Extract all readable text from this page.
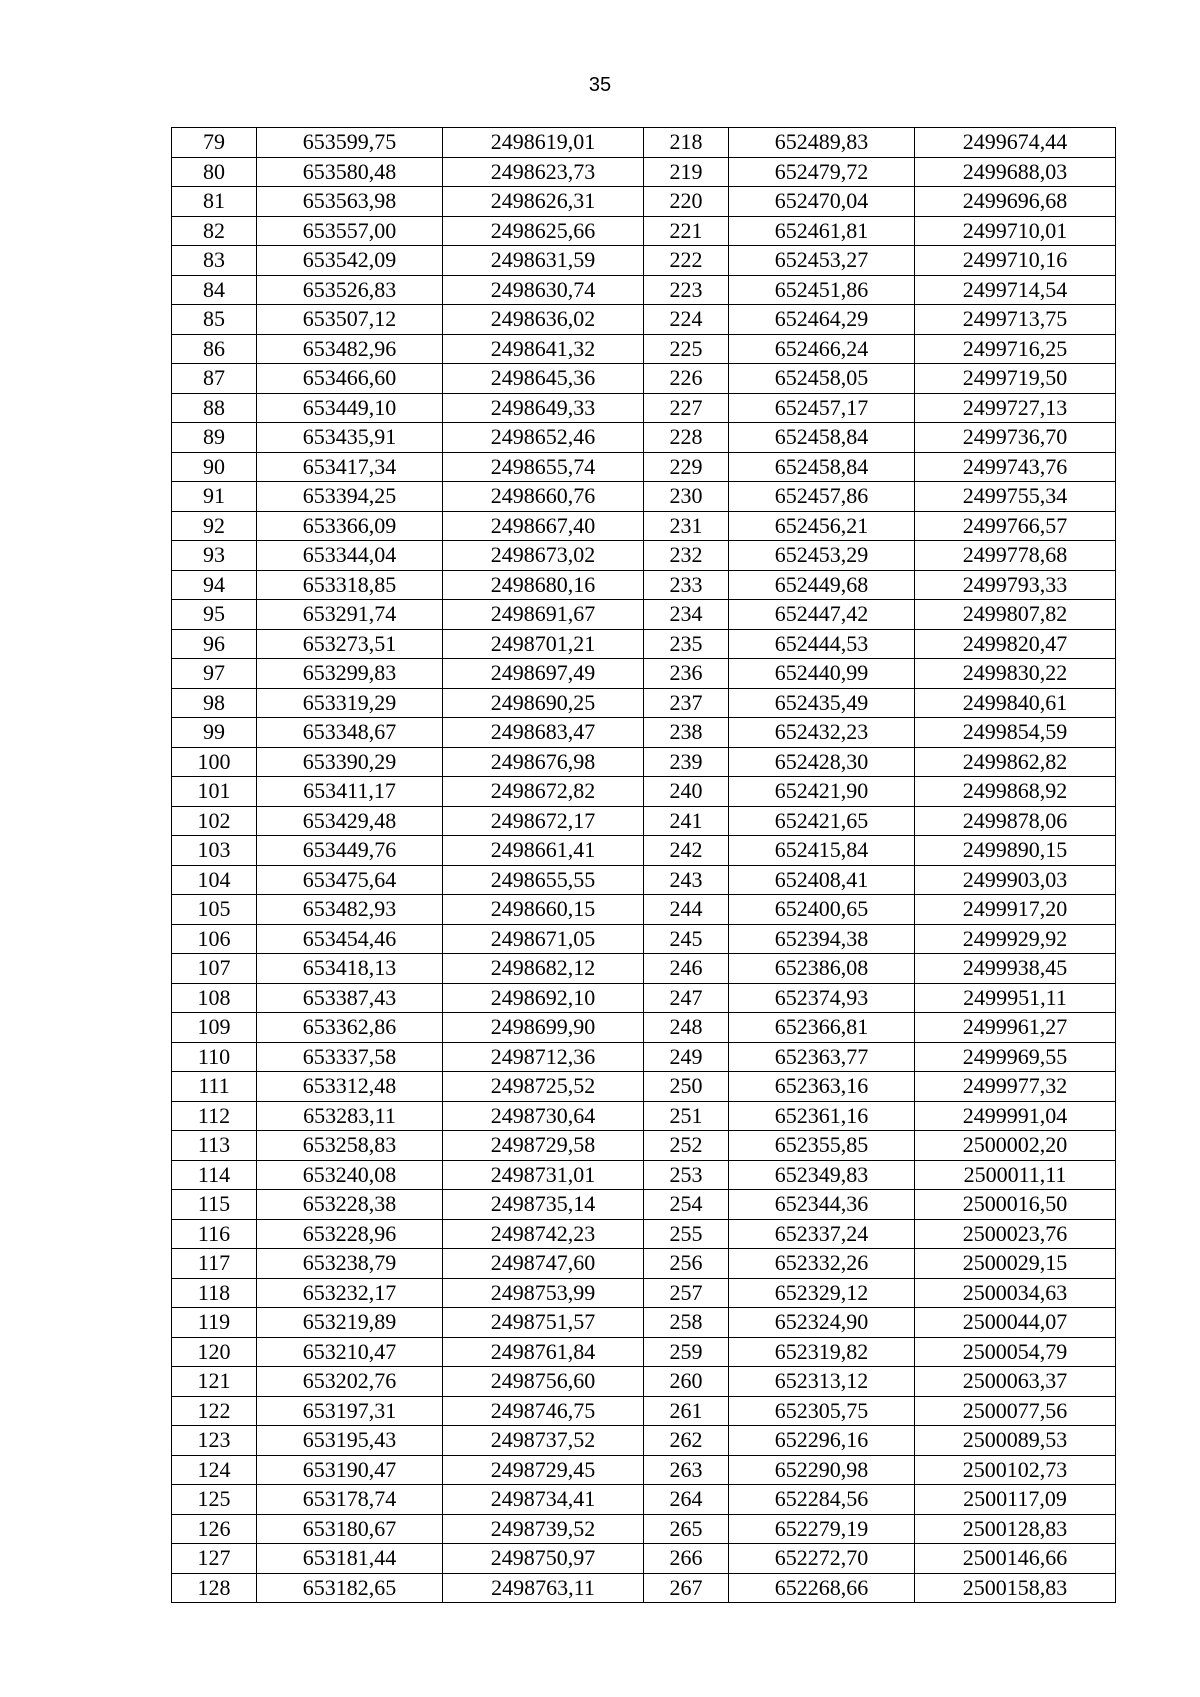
35
79	653599,75	2498619,01	218	652489,83	2499674,44
80	653580,48	2498623,73	219	652479,72	2499688,03
81	653563,98	2498626,31	220	652470,04	2499696,68
82	653557,00	2498625,66	221	652461,81	2499710,01
83	653542,09	2498631,59	222	652453,27	2499710,16
84	653526,83	2498630,74	223	652451,86	2499714,54
85	653507,12	2498636,02	224	652464,29	2499713,75
86	653482,96	2498641,32	225	652466,24	2499716,25
87	653466,60	2498645,36	226	652458,05	2499719,50
88	653449,10	2498649,33	227	652457,17	2499727,13
89	653435,91	2498652,46	228	652458,84	2499736,70
90	653417,34	2498655,74	229	652458,84	2499743,76
91	653394,25	2498660,76	230	652457,86	2499755,34
92	653366,09	2498667,40	231	652456,21	2499766,57
93	653344,04	2498673,02	232	652453,29	2499778,68
94	653318,85	2498680,16	233	652449,68	2499793,33
95	653291,74	2498691,67	234	652447,42	2499807,82
96	653273,51	2498701,21	235	652444,53	2499820,47
97	653299,83	2498697,49	236	652440,99	2499830,22
98	653319,29	2498690,25	237	652435,49	2499840,61
99	653348,67	2498683,47	238	652432,23	2499854,59
100	653390,29	2498676,98	239	652428,30	2499862,82
101	653411,17	2498672,82	240	652421,90	2499868,92
102	653429,48	2498672,17	241	652421,65	2499878,06
103	653449,76	2498661,41	242	652415,84	2499890,15
104	653475,64	2498655,55	243	652408,41	2499903,03
105	653482,93	2498660,15	244	652400,65	2499917,20
106	653454,46	2498671,05	245	652394,38	2499929,92
107	653418,13	2498682,12	246	652386,08	2499938,45
108	653387,43	2498692,10	247	652374,93	2499951,11
109	653362,86	2498699,90	248	652366,81	2499961,27
110	653337,58	2498712,36	249	652363,77	2499969,55
111	653312,48	2498725,52	250	652363,16	2499977,32
112	653283,11	2498730,64	251	652361,16	2499991,04
113	653258,83	2498729,58	252	652355,85	2500002,20
114	653240,08	2498731,01	253	652349,83	2500011,11
115	653228,38	2498735,14	254	652344,36	2500016,50
116	653228,96	2498742,23	255	652337,24	2500023,76
117	653238,79	2498747,60	256	652332,26	2500029,15
118	653232,17	2498753,99	257	652329,12	2500034,63
119	653219,89	2498751,57	258	652324,90	2500044,07
120	653210,47	2498761,84	259	652319,82	2500054,79
121	653202,76	2498756,60	260	652313,12	2500063,37
122	653197,31	2498746,75	261	652305,75	2500077,56
123	653195,43	2498737,52	262	652296,16	2500089,53
124	653190,47	2498729,45	263	652290,98	2500102,73
125	653178,74	2498734,41	264	652284,56	2500117,09
126	653180,67	2498739,52	265	652279,19	2500128,83
127	653181,44	2498750,97	266	652272,70	2500146,66
128	653182,65	2498763,11	267	652268,66	2500158,83
